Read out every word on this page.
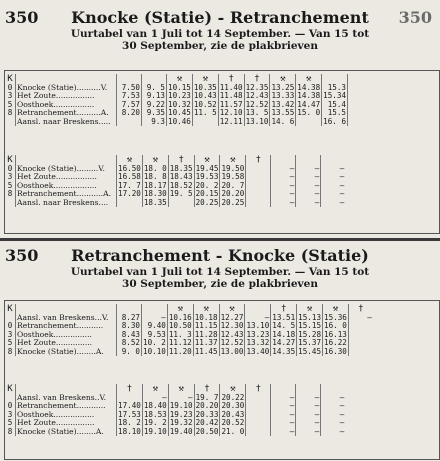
350	Knocke (Statie) - Retranchement	350
Uurtabel van 1 Juli tot 14 September. — Van 15 tot
30 September, zie de plakbrieven
K				⚒	⚒	†	†	⚒	⚒		
0	Knocke (Statie)..........V.	7.50	9. 5	10.15	10.35	11.40	12.35	13.25	14.38	15.3	
3	Het Zoute................	7.53	9.13	10.23	10.43	11.48	12.43	13.33	14.38	15.34	
5	Oosthoek.................	7.57	9.22	10.32	10.52	11.57	12.52	13.42	14.47	15.4	
8	Retranchement..........A.	8.20	9.35	10.45	11. 5	12.10	13. 5	13.55	15. 0	15.5	
	Aansl. naar Breskens.....		9.3	10.46		12.11	13.10	14. 6		16. 6	
K		⚒	⚒	†	⚒	⚒	†			
0	Knocke (Statie).........V.	16.50	18. 0	18.35	19.45	19.50		—	—	—
3	Het Zoute.................	16.58	18. 8	18.43	19.53	19.58		—	—	—
5	Oosthoek..................	17. 7	18.17	18.52	20. 2	20. 7		—	—	—
8	Retranchement...........A.	17.20	18.30	19. 5	20.15	20.20		—	—	—
	Aansl. naar Breskens....		18.35		20.25	20.25		—	—	—
350	Retranchement - Knocke (Statie)
Uurtabel van 1 Juli tot 14 September. — Van 15 tot
30 September, zie de plakbrieven
K				⚒	⚒	⚒		†	⚒	⚒	†
	Aansl. van Breskens...V.	8.27	—	10.16	10.18	12.27	—	13.51	15.13	15.36	—
0	Retranchement...........	8.30	9.40	10.50	11.15	12.30	13.10	14. 5	15.15	16. 0	
3	Oosthoek................	8.43	9.53	11. 3	11.28	12.43	13.23	14.18	15.28	16.13	
5	Het Zoute...............	8.52	10. 2	11.12	11.37	12.52	13.32	14.27	15.37	16.22	
8	Knocke (Statie)........A.	9. 0	10.10	11.20	11.45	13.00	13.40	14.35	15.45	16.30	
K		†	⚒	⚒	†	⚒	†			
	Aansl. van Breskens..V.		—	—	19. 7	20.22		—	—	—
0	Retranchement............	17.40	18.40	19.10	20.20	20.30		—	—	—
3	Oosthoek.................	17.53	18.53	19.23	20.33	20.43		—	—	—
5	Het Zoute................	18. 2	19. 2	19.32	20.42	20.52		—	—	—
8	Knocke (Statie)........A.	18.10	19.10	19.40	20.50	21. 0		—	—	—
